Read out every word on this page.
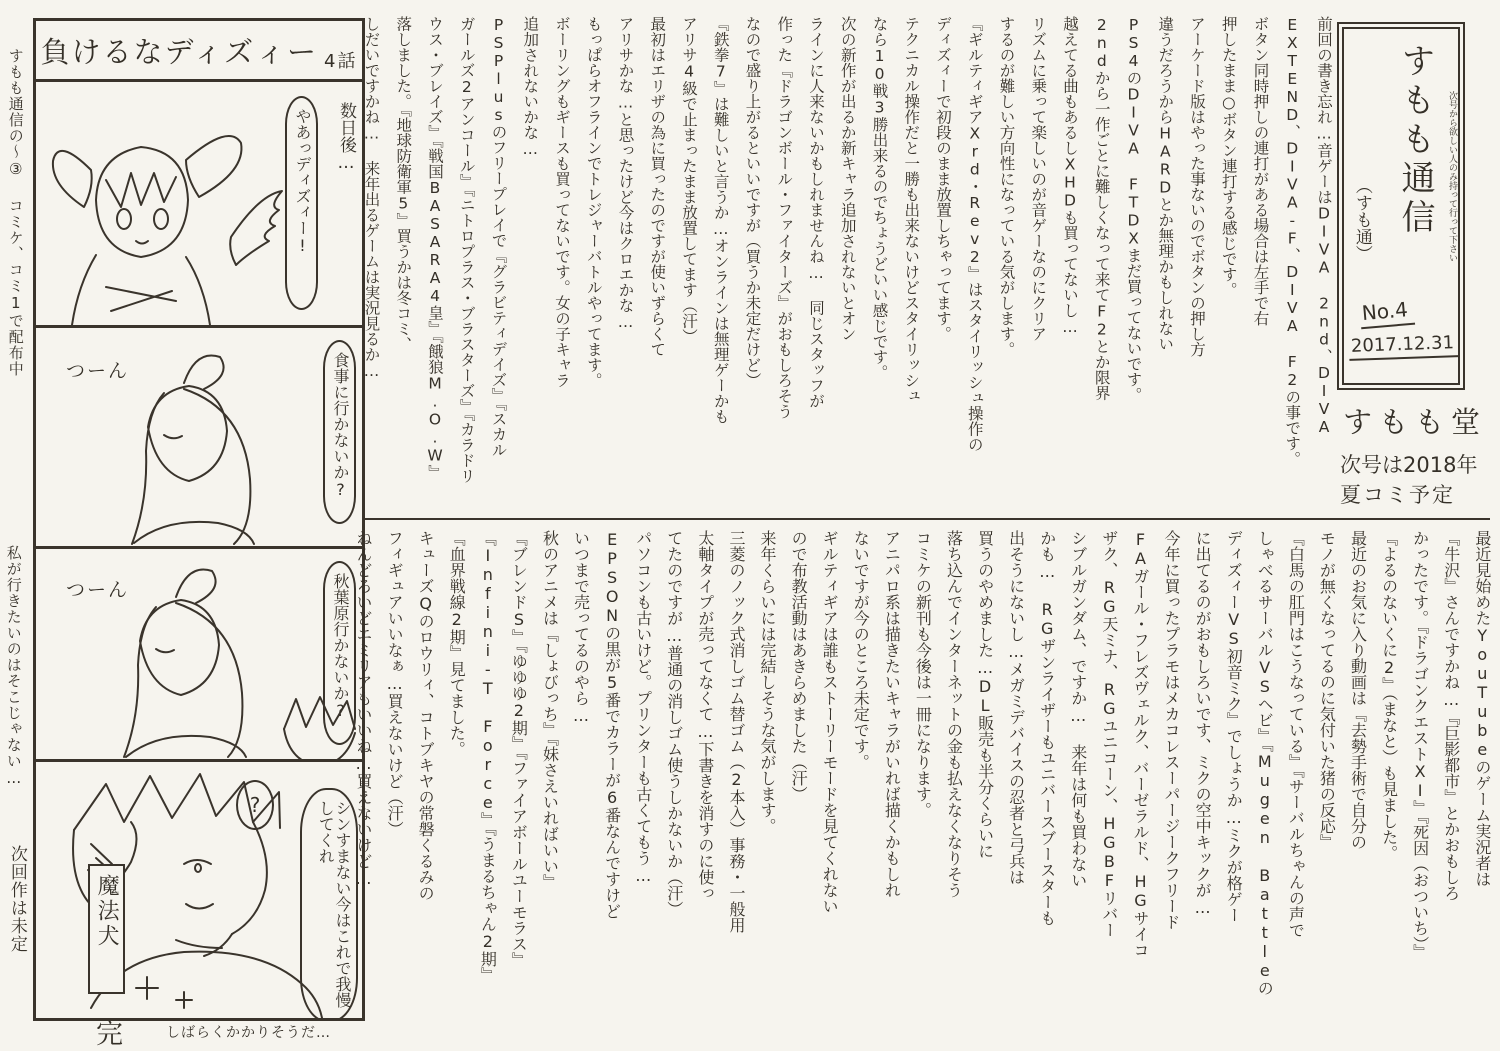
すもも通信の〜③ コミケ、コミ1で配布中
私が行きたいのはそこじゃない…
次回作は未定
負けるなディズィー 4話
数日後…
やあっディズィー!
つーん	食事に行かないか?
つーん	秋葉原行かないか?
?	シンすまない今はこれで我慢してくれ
魔法犬
完	しばらくかかりそうだ…
前回の書き忘れ…音ゲーはDIVA 2nd、DIVA
EXTEND、DIVA-F、DIVA F2の事です。
ボタン同時押しの連打がある場合は左手で右
押したまま○ボタン連打する感じです。
アーケード版はやった事ないのでボタンの押し方
違うだろうからHARDとか無理かもしれない
PS4のDIVA FTDXまだ買ってないです。
2ndから一作ごとに難しくなって来てF2とか限界
越えてる曲もあるしXHDも買ってないし…
リズムに乗って楽しいのが音ゲーなのにクリア
するのが難しい方向性になっている気がします。
『ギルティギアXrd・Rev2』はスタイリッシュ操作の
ディズィーで初段のまま放置しちゃってます。
テクニカル操作だと一勝も出来ないけどスタイリッシュ
なら10戦3勝出来るのでちょうどいい感じです。
次の新作が出るか新キャラ追加されないとオン
ラインに人来ないかもしれませんね… 同じスタッフが
作った『ドラゴンボール・ファイターズ』がおもしろそう
なので盛り上がるといいですが（買うか未定だけど）
『鉄拳7』は難しいと言うか…オンラインは無理ゲーかも
アリサ4級で止まったまま放置してます（汗）
最初はエリザの為に買ったのですが使いずらくて
アリサかな…と思ったけど今はクロエかな…
もっぱらオフラインでトレジャーバトルやってます。
ボーリングもギースも買ってないです。女の子キャラ
追加されないかな…
PSPlusのフリープレイで『グラビティデイズ』『スカル
ガールズ2アンコール』『ニトロプラス・ブラスターズ』『カラドリ
ウス・ブレイズ』『戦国BASARA4皇』『餓狼M.O.W』
落しました。『地球防衛軍5』買うかは冬コミ、
しだいですかね… 来年出るゲームは実況見るか…
最近見始めたYouTubeのゲーム実況者は
『牛沢』さんですかね…『巨影都市』とかおもしろ
かったです。『ドラゴンクエストXI』『死因（おついち）』
『よるのないくに2』（まなと）も見ました。
最近のお気に入り動画は『去勢手術で自分の
モノが無くなってるのに気付いた猪の反応』
『白馬の肛門はこうなっている』『サーバルちゃんの声で
しゃべるサーバルVSヘビ』『Mugen Battleの
ディズィーVS初音ミク』でしょうか…ミクが格ゲー
に出てるのがおもしろいです、ミクの空中キックが…
今年に買ったプラモはメカコレスーパージークフリード
FAガール・フレズヴェルク、バーゼラルド、HGサイコ
ザク、RG天ミナ、RGユニコーン、HGBFリバー
シブルガンダム、ですか… 来年は何も買わない
かも… RGザンライザーもユニバースブースターも
出そうにないし…メガミデバイスの忍者と弓兵は
買うのやめました…DL販売も半分くらいに
落ち込んでインターネットの金も払えなくなりそう
コミケの新刊も今後は一冊になります。
アニパロ系は描きたいキャラがいれば描くかもしれ
ないですが今のところ未定です。
ギルティギアは誰もストーリーモードを見てくれない
ので布教活動はあきらめました（汗）
来年くらいには完結しそうな気がします。
三菱のノック式消しゴム替ゴム（2本入）事務・一般用
太軸タイプが売ってなくて…下書きを消すのに使っ
てたのですが…普通の消しゴム使うしかないか（汗）
パソコンも古いけど。プリンターも古くてもう…
EPSONの黒が5番でカラーが6番なんですけど
いつまで売ってるのやら…
秋のアニメは『しょびっち』『妹さえいればいい』
『ブレンドS』『ゆゆゆ2期』『ファイアボールユーモラス』
『Infini-T Force』『うまるちゃん2期』
『血界戦線2期』見てました。
キューズQのロウリィ、コトブキヤの常磐くるみの
フィギュアいいなぁ…買えないけど（汗）
ねんどろいどエミリアもいいね…買えないけど…
すもも通信
（すも通）	次号から欲しい人のみ持って行って下さい
No.4
2017.12.31
すもも堂
次号は2018年
夏コミ予定
